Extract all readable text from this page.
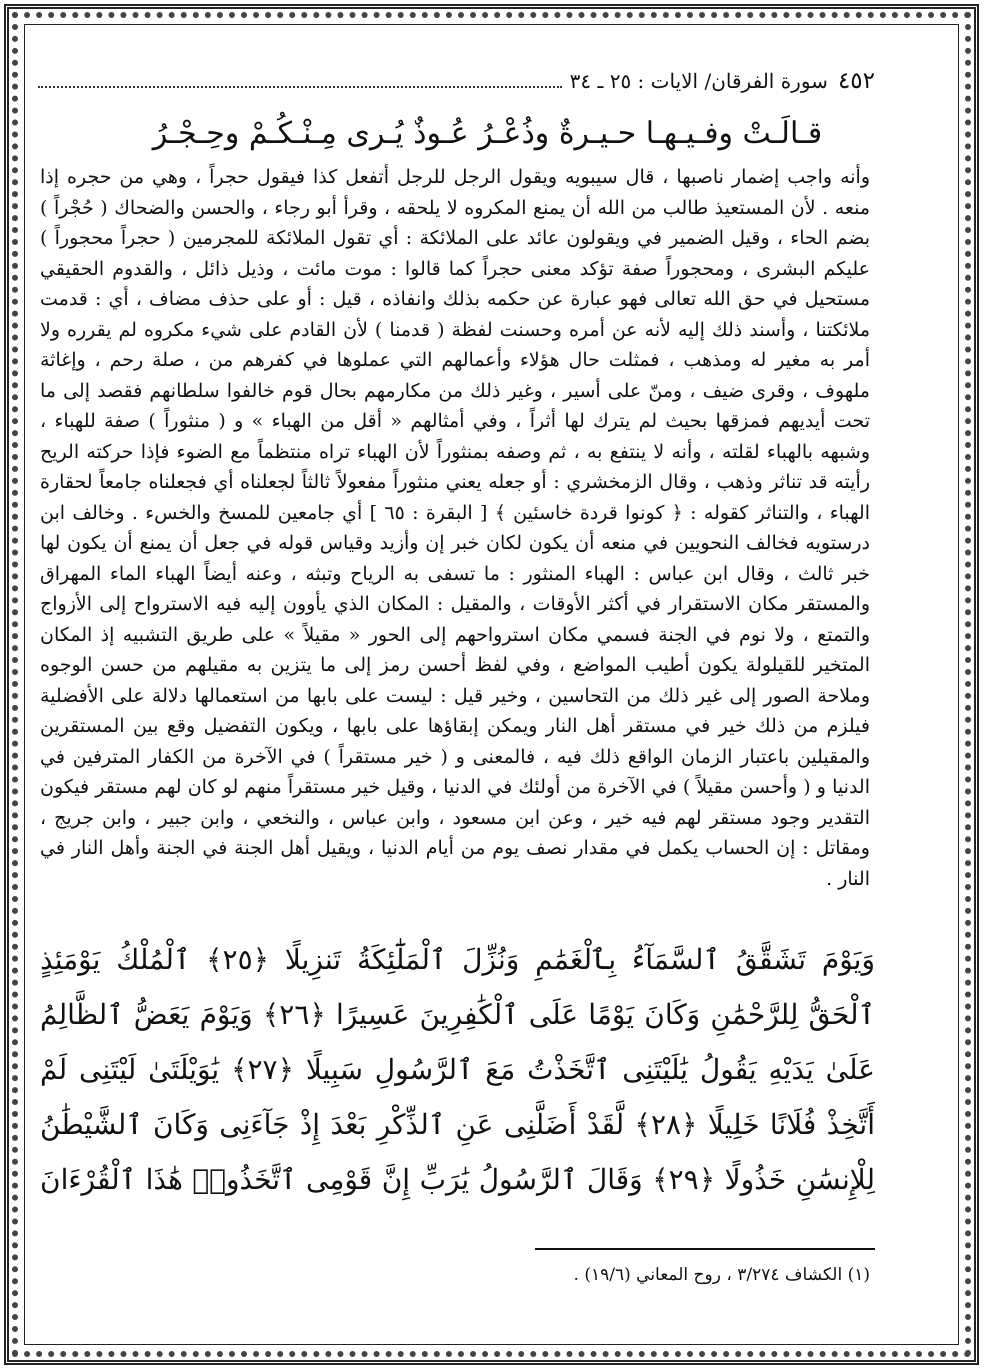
٤٥٢
سورة الفرقان/ الايات : ٢٥ ـ ٣٤
قـالَـتْ وفـيـهـا حـيـرةٌ وذُعْـرُ عُـوذٌ يُـرى مِـنْـكُـمْ وحِـجْـرُ

وأنه واجب إضمار ناصبها ، قال سيبويه ويقول الرجل للرجل أتفعل كذا فيقول حجراً ، وهي من حجره إذا منعه . لأن المستعيذ طالب من الله أن يمنع المكروه لا يلحقه ، وقرأ أبو رجاء ، والحسن والضحاك ( حُجْراً ) بضم الحاء ، وقيل الضمير في ويقولون عائد على الملائكة : أي تقول الملائكة للمجرمين ( حجراً محجوراً ) عليكم البشرى ، ومحجوراً صفة تؤكد معنى حجراً كما قالوا : موت مائت ، وذيل ذائل ، والقدوم الحقيقي مستحيل في حق الله تعالى فهو عبارة عن حكمه بذلك وانفاذه ، قيل : أو على حذف مضاف ، أي : قدمت ملائكتنا ، وأسند ذلك إليه لأنه عن أمره وحسنت لفظة ( قدمنا ) لأن القادم على شيء مكروه لم يقرره ولا أمر به مغير له ومذهب ، فمثلت حال هؤلاء وأعمالهم التي عملوها في كفرهم من ، صلة رحم ، وإغاثة ملهوف ، وقرى ضيف ، ومنّ على أسير ، وغير ذلك من مكارمهم بحال قوم خالفوا سلطانهم فقصد إلى ما تحت أيديهم فمزقها بحيث لم يترك لها أثراً ، وفي أمثالهم « أقل من الهباء » و ( منثوراً ) صفة للهباء ، وشبهه بالهباء لقلته ، وأنه لا ينتفع به ، ثم وصفه بمنثوراً لأن الهباء تراه منتظماً مع الضوء فإذا حركته الريح رأيته قد تناثر وذهب ، وقال الزمخشري : أو جعله يعني منثوراً مفعولاً ثالثاً لجعلناه أي فجعلناه جامعاً لحقارة الهباء ، والتناثر كقوله : ﴿ كونوا قردة خاسئين ﴾ [ البقرة : ٦٥ ] أي جامعين للمسخ والخسء . وخالف ابن درستويه فخالف النحويين في منعه أن يكون لكان خبر إن وأزيد وقياس قوله في جعل أن يمنع أن يكون لها خبر ثالث ، وقال ابن عباس : الهباء المنثور : ما تسفى به الرياح وتبثه ، وعنه أيضاً الهباء الماء المهراق والمستقر مكان الاستقرار في أكثر الأوقات ، والمقيل : المكان الذي يأوون إليه فيه الاسترواح إلى الأزواج والتمتع ، ولا نوم في الجنة فسمي مكان استرواحهم إلى الحور « مقيلاً » على طريق التشبيه إذ المكان المتخير للقيلولة يكون أطيب المواضع ، وفي لفظ أحسن رمز إلى ما يتزين به مقيلهم من حسن الوجوه وملاحة الصور إلى غير ذلك من التحاسين ، وخير قيل : ليست على بابها من استعمالها دلالة على الأفضلية فيلزم من ذلك خير في مستقر أهل النار ويمكن إبقاؤها على بابها ، ويكون التفضيل وقع بين المستقرين والمقيلين باعتبار الزمان الواقع ذلك فيه ، فالمعنى و ( خير مستقراً ) في الآخرة من الكفار المترفين في الدنيا و ( وأحسن مقيلاً ) في الآخرة من أولئك في الدنيا ، وقيل خير مستقراً منهم لو كان لهم مستقر فيكون التقدير وجود مستقر لهم فيه خير ، وعن ابن مسعود ، وابن عباس ، والنخعي ، وابن جبير ، وابن جريج ، ومقاتل : إن الحساب يكمل في مقدار نصف يوم من أيام الدنيا ، ويقيل أهل الجنة في الجنة وأهل النار في النار .

وَيَوْمَ تَشَقَّقُ ٱلسَّمَآءُ بِٱلْغَمَٰمِ وَنُزِّلَ ٱلْمَلَٰٓئِكَةُ تَنزِيلًا ﴿٢٥﴾ ٱلْمُلْكُ يَوْمَئِذٍ ٱلْحَقُّ لِلرَّحْمَٰنِ وَكَانَ يَوْمًا عَلَى ٱلْكَٰفِرِينَ عَسِيرًا ﴿٢٦﴾ وَيَوْمَ يَعَضُّ ٱلظَّالِمُ عَلَىٰ يَدَيْهِ يَقُولُ يَٰلَيْتَنِى ٱتَّخَذْتُ مَعَ ٱلرَّسُولِ سَبِيلًا ﴿٢٧﴾ يَٰوَيْلَتَىٰ لَيْتَنِى لَمْ أَتَّخِذْ فُلَانًا خَلِيلًا ﴿٢٨﴾ لَّقَدْ أَضَلَّنِى عَنِ ٱلذِّكْرِ بَعْدَ إِذْ جَآءَنِى وَكَانَ ٱلشَّيْطَٰنُ لِلْإِنسَٰنِ خَذُولًا ﴿٢٩﴾ وَقَالَ ٱلرَّسُولُ يَٰرَبِّ إِنَّ قَوْمِى ٱتَّخَذُوا۟ هَٰذَا ٱلْقُرْءَانَ

(١) الكشاف ٣/٢٧٤ ، روح المعاني (١٩/٦) .
